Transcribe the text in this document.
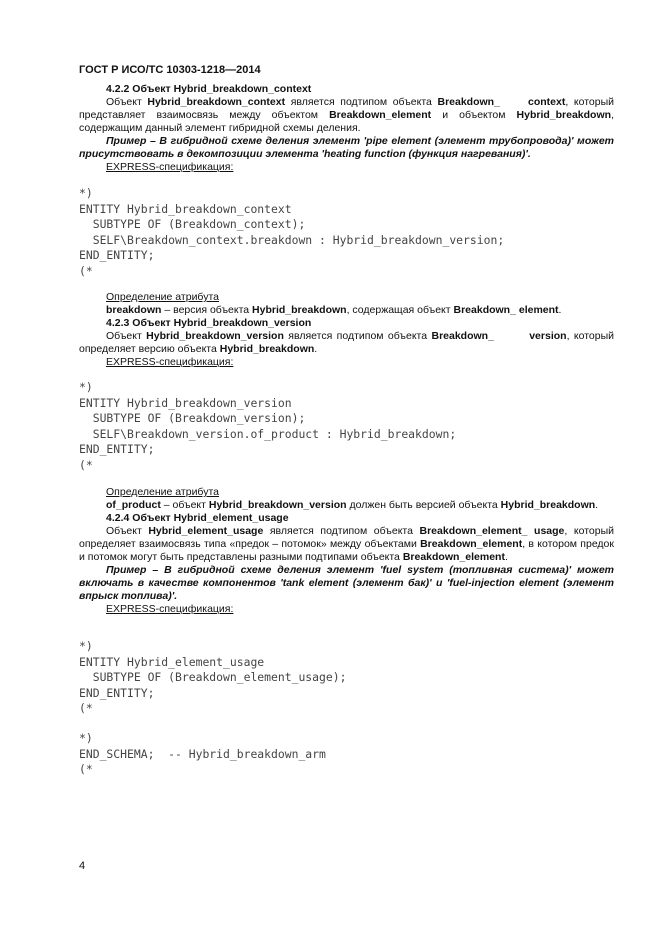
ГОСТ Р ИСО/ТС 10303-1218—2014

4.2.2 Объект Hybrid_breakdown_context

Объект Hybrid_breakdown_context является подтипом объекта Breakdown_	context, который представляет взаимосвязь между объектом Breakdown_element и объектом Hybrid_breakdown, содержащим данный элемент гибридной схемы деления.

Пример – В гибридной схеме деления элемент 'pipe element (элемент трубопровода)' может присутствовать в декомпозиции элемента 'heating function (функция нагревания)'.

EXPRESS-спецификация:

*)
ENTITY Hybrid_breakdown_context
SUBTYPE OF (Breakdown_context);
SELF\Breakdown_context.breakdown : Hybrid_breakdown_version;
END_ENTITY;
(*

Определение атрибута

breakdown – версия объекта Hybrid_breakdown, содержащая объект Breakdown_ element.

4.2.3 Объект Hybrid_breakdown_version

Объект Hybrid_breakdown_version является подтипом объекта Breakdown_	version, который определяет версию объекта Hybrid_breakdown.

EXPRESS-спецификация:

*)
ENTITY Hybrid_breakdown_version
SUBTYPE OF (Breakdown_version);
SELF\Breakdown_version.of_product : Hybrid_breakdown;
END_ENTITY;
(*

Определение атрибута

of_product – объект Hybrid_breakdown_version должен быть версией объекта Hybrid_breakdown.

4.2.4 Объект Hybrid_element_usage

Объект Hybrid_element_usage является подтипом объекта Breakdown_element_ usage, который определяет взаимосвязь типа «предок – потомок» между объектами Breakdown_element, в котором предок и потомок могут быть представлены разными подтипами объекта Breakdown_element.

Пример – В гибридной схеме деления элемент 'fuel system (топливная система)' может включать в качестве компонентов 'tank element (элемент бак)' и 'fuel-injection element (элемент впрыск топлива)'.

EXPRESS-спецификация:

*)
ENTITY Hybrid_element_usage
SUBTYPE OF (Breakdown_element_usage);
END_ENTITY;
(*
*)
END_SCHEMA;  -- Hybrid_breakdown_arm
(*
4
